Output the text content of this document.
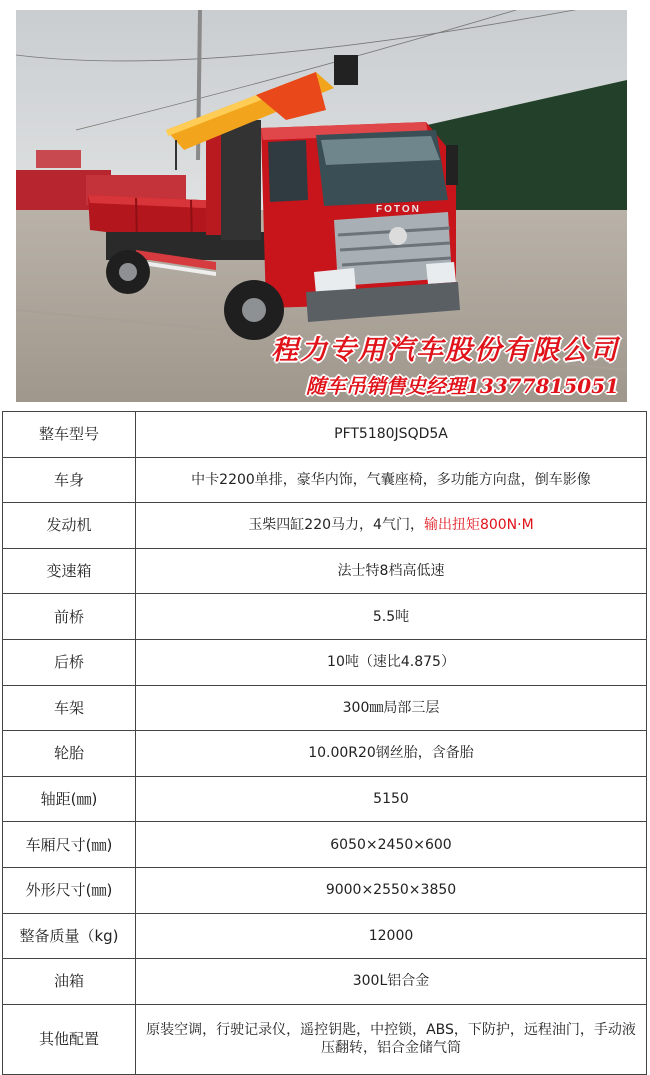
程力专用汽车股份有限公司
随车吊销售史经理13377815051
FOTON
整车型号	PFT5180JSQD5A
车身	中卡2200单排，豪华内饰，气囊座椅，多功能方向盘，倒车影像
发动机	玉柴四缸220马力，4气门，输出扭矩800N·M
变速箱	法士特8档高低速
前桥	5.5吨
后桥	10吨（速比4.875）
车架	300㎜局部三层
轮胎	10.00R20钢丝胎，含备胎
轴距(㎜)	5150
车厢尺寸(㎜)	6050×2450×600
外形尺寸(㎜)	9000×2550×3850
整备质量（kg)	12000
油箱	300L铝合金
其他配置	原装空调，行驶记录仪，遥控钥匙，中控锁，ABS，下防护，远程油门，手动液压翻转，铝合金储气筒
